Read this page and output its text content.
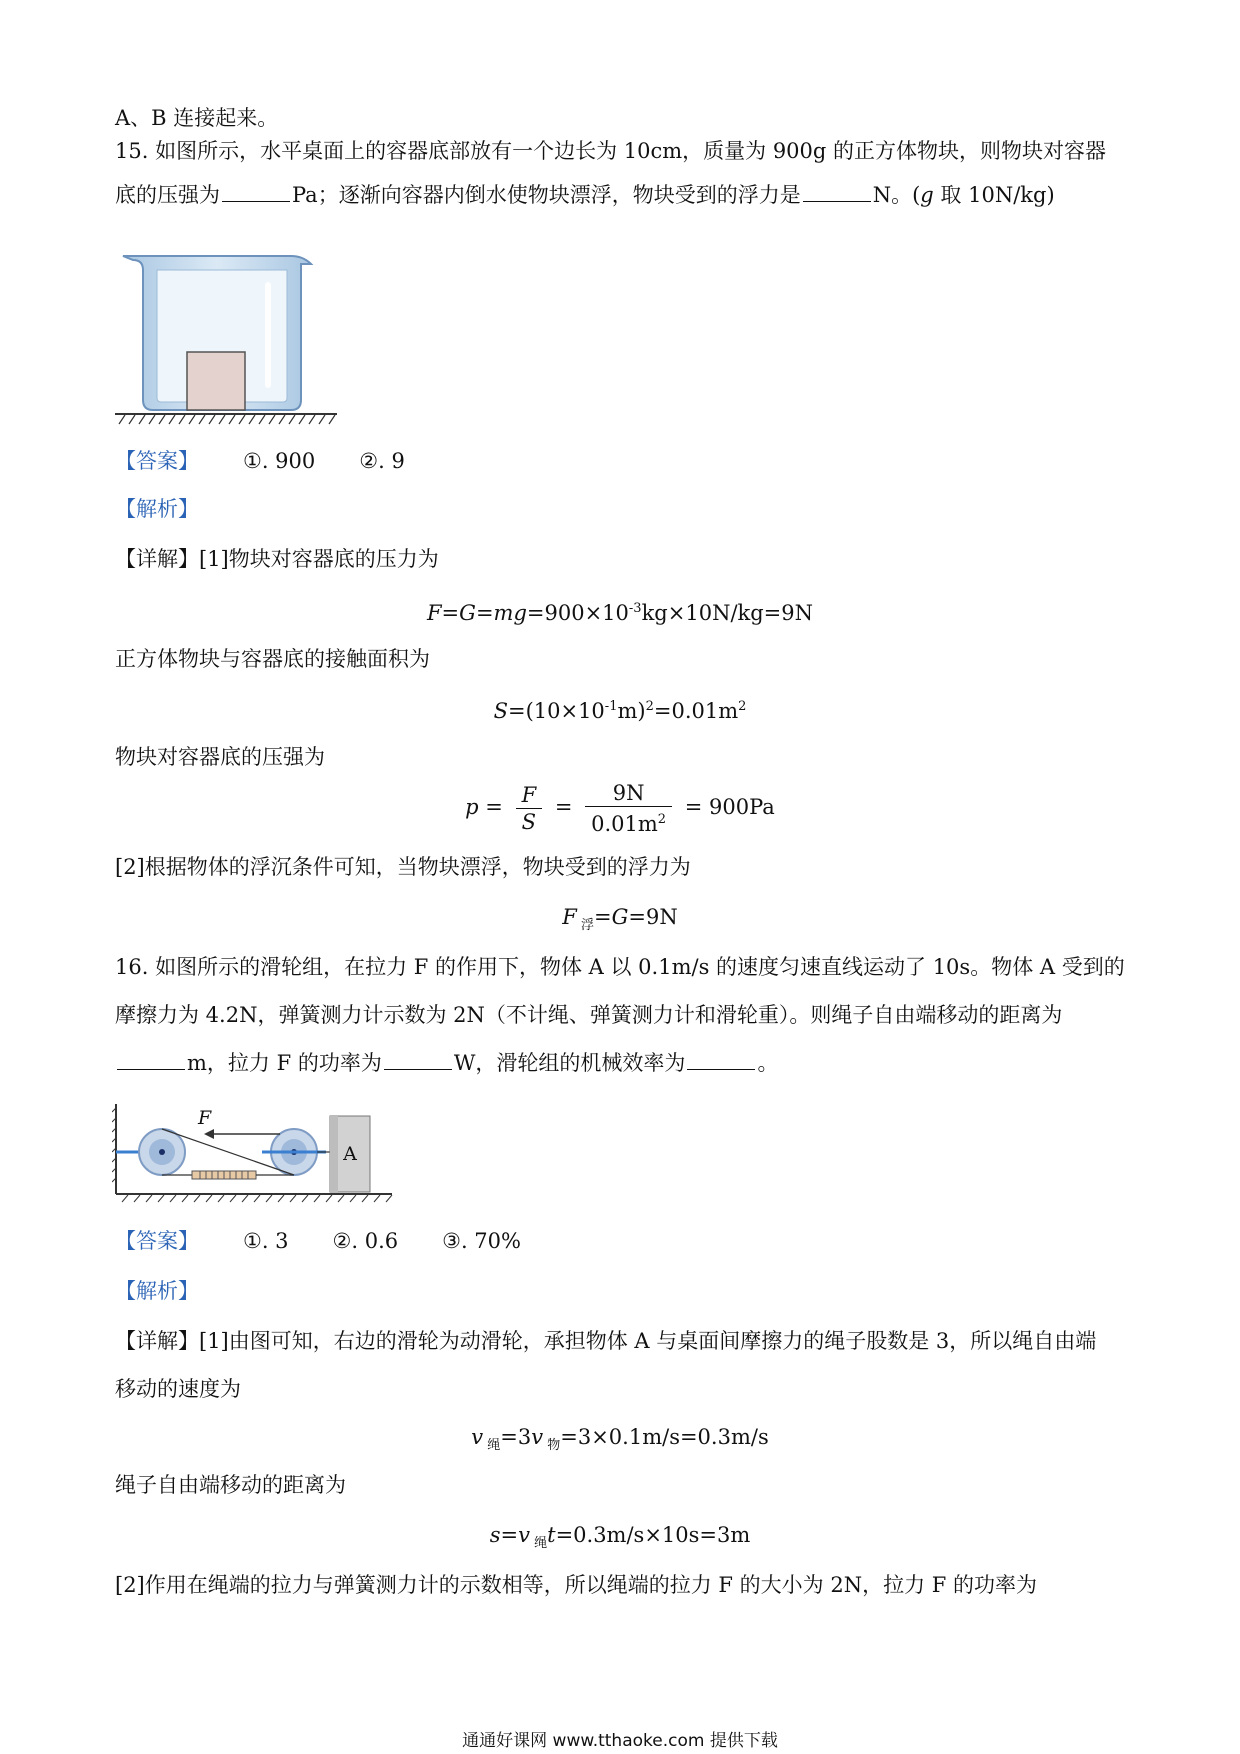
A、B 连接起来。
15. 如图所示，水平桌面上的容器底部放有一个边长为 10cm，质量为 900g 的正方体物块，则物块对容器
底的压强为	Pa；逐渐向容器内倒水使物块漂浮，物块受到的浮力是	N。(g 取 10N/kg)
【答案】 ①. 900 ②. 9
【解析】
【详解】[1]物块对容器底的压力为
$F=G=mg=900\times 10^{-3}kg\times 10N/kg=9N$
正方体物块与容器底的接触面积为
$S=(10\times 10^{-1}m)^2=0.01m^2$
物块对容器底的压强为
$p = \frac{F}{S} = \frac{9N}{0.01m^2} = 900Pa$
[2]根据物体的浮沉条件可知，当物块漂浮，物块受到的浮力为
F $_浮$=G=9N
16. 如图所示的滑轮组，在拉力 F 的作用下，物体 A 以 0.1m/s 的速度匀速直线运动了 10s。物体 A 受到的
摩擦力为 4.2N，弹簧测力计示数为 2N（不计绳、弹簧测力计和滑轮重）。则绳子自由端移动的距离为
m，拉力 F 的功率为	W，滑轮组的机械效率为	。
F
A
【答案】 ①. 3 ②. 0.6 ③. 70%
【解析】
【详解】[1]由图可知，右边的滑轮为动滑轮，承担物体 A 与桌面间摩擦力的绳子股数是 3，所以绳自由端
移动的速度为
v $_绳$=3v $_物$=3×0.1m/s=0.3m/s
绳子自由端移动的距离为
s=v $_绳$t=0.3m/s×10s=3m
[2]作用在绳端的拉力与弹簧测力计的示数相等，所以绳端的拉力 F 的大小为 2N，拉力 F 的功率为
通通好课网 www.tthaoke.com 提供下载
